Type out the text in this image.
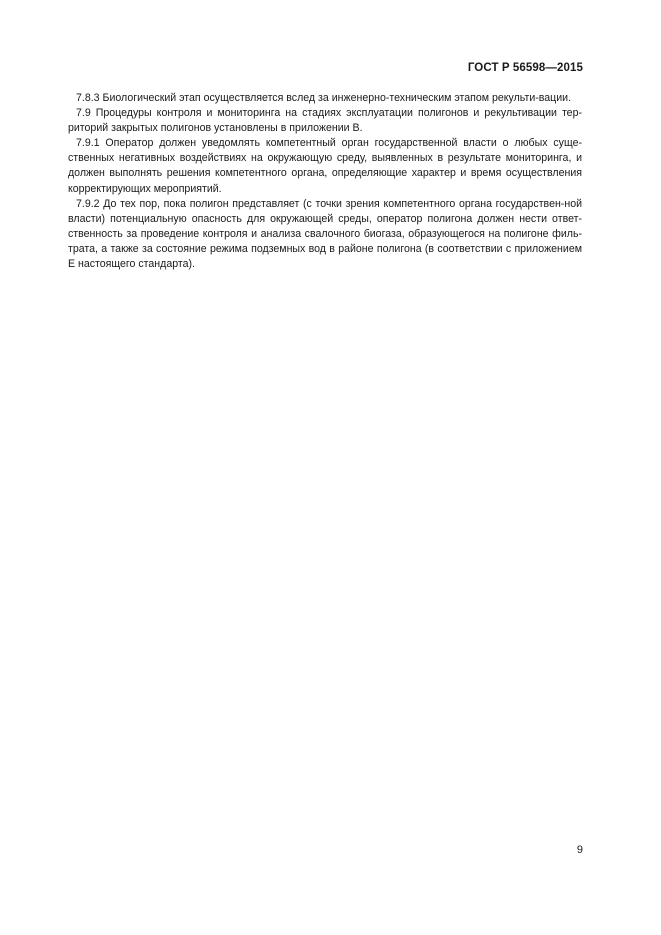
ГОСТ Р 56598—2015

7.8.3 Биологический этап осуществляется вслед за инженерно-техническим этапом рекульти-вации.

7.9 Процедуры контроля и мониторинга на стадиях эксплуатации полигонов и рекультивации тер-риторий закрытых полигонов установлены в приложении В.

7.9.1 Оператор должен уведомлять компетентный орган государственной власти о любых суще-ственных негативных воздействиях на окружающую среду, выявленных в результате мониторинга, и должен выполнять решения компетентного органа, определяющие характер и время осуществления корректирующих мероприятий.

7.9.2 До тех пор, пока полигон представляет (с точки зрения компетентного органа государствен-ной власти) потенциальную опасность для окружающей среды, оператор полигона должен нести ответ-ственность за проведение контроля и анализа свалочного биогаза, образующегося на полигоне филь-трата, а также за состояние режима подземных вод в районе полигона (в соответствии с приложением Е настоящего стандарта).

9
